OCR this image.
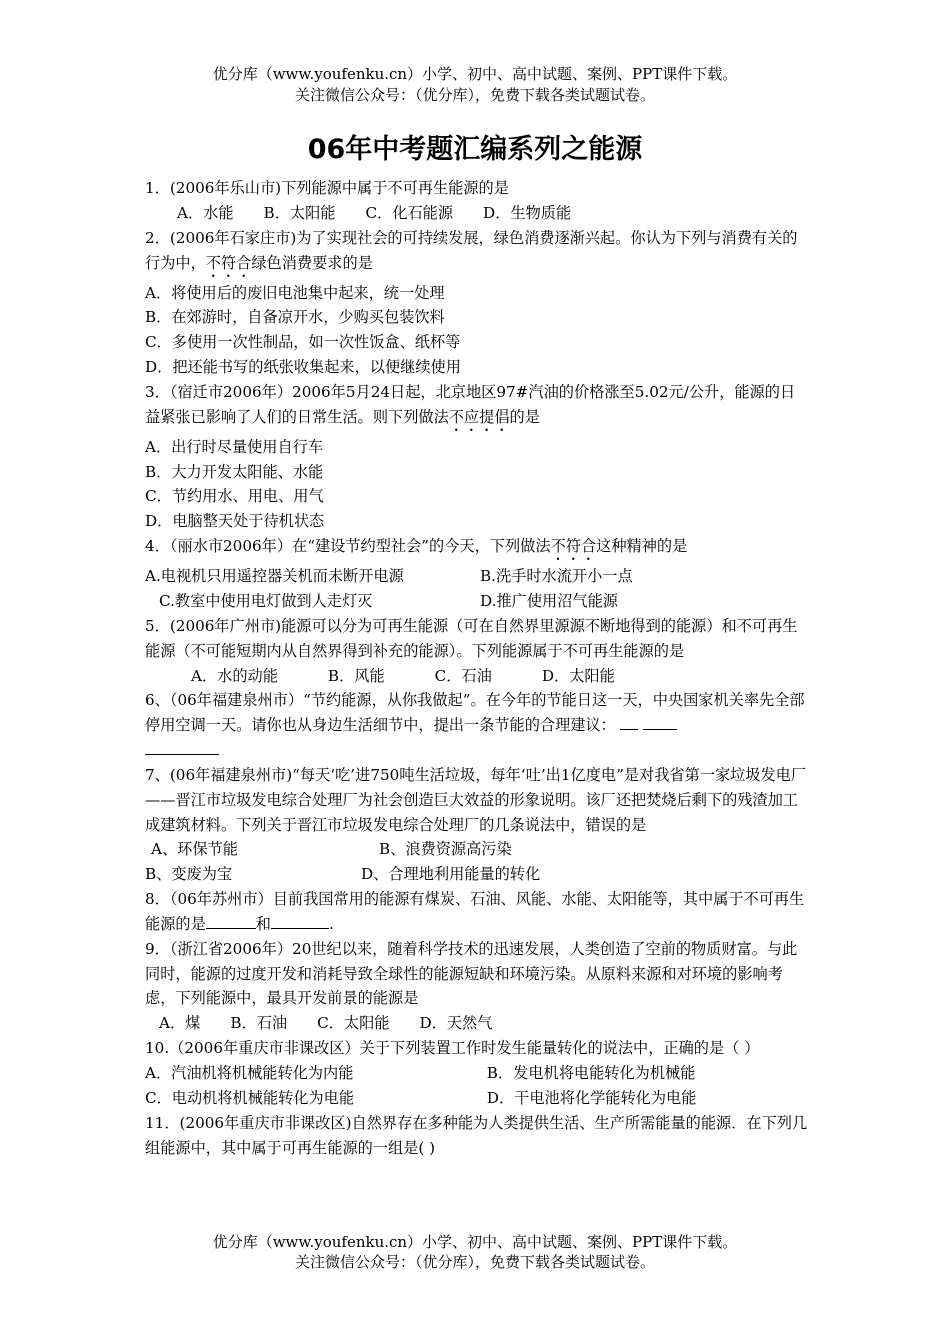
优分库（www.youfenku.cn）小学、初中、高中试题、案例、PPT课件下载。
关注微信公众号：（优分库），免费下载各类试题试卷。
06年中考题汇编系列之能源

1．(2006年乐山市)下列能源中属于不可再生能源的是

A．水能 B．太阳能 C．化石能源 D．生物质能

2．(2006年石家庄市)为了实现社会的可持续发展，绿色消费逐渐兴起。你认为下列与消费有关的行为中，不符合绿色消费要求的是

A．将使用后的废旧电池集中起来，统一处理

B．在郊游时，自备凉开水，少购买包装饮料

C．多使用一次性制品，如一次性饭盒、纸杯等

D．把还能书写的纸张收集起来，以便继续使用

3．（宿迁市2006年）2006年5月24日起，北京地区97#汽油的价格涨至5.02元/公升，能源的日益紧张已影响了人们的日常生活。则下列做法不应提倡的是

A．出行时尽量使用自行车

B．大力开发太阳能、水能

C．节约用水、用电、用气

D．电脑整天处于待机状态

4．（丽水市2006年）在“建设节约型社会”的今天，下列做法不符合这种精神的是

A.电视机只用遥控器关机而未断开电源	B.洗手时水流开小一点
C.教室中使用电灯做到人走灯灭	D.推广使用沼气能源

5．(2006年广州市)能源可以分为可再生能源（可在自然界里源源不断地得到的能源）和不可再生能源（不可能短期内从自然界得到补充的能源）。下列能源属于不可再生能源的是

A．水的动能	B．风能	C．石油	D．太阳能

6、（06年福建泉州市）“节约能源，从你我做起”。在今年的节能日这一天，中央国家机关率先全部停用空调一天。请你也从身边生活细节中，提出一条节能的合理建议：

7、(06年福建泉州市)“每天‘吃’进750吨生活垃圾，每年‘吐’出1亿度电”是对我省第一家垃圾发电厂——晋江市垃圾发电综合处理厂为社会创造巨大效益的形象说明。该厂还把焚烧后剩下的残渣加工成建筑材料。下列关于晋江市垃圾发电综合处理厂的几条说法中，错误的是

A、环保节能	B、浪费资源高污染
B、变废为宝	D、合理地利用能量的转化

8．（06年苏州市）目前我国常用的能源有煤炭、石油、风能、水能、太阳能等，其中属于不可再生能源的是	和	.

9．（浙江省2006年）20世纪以来，随着科学技术的迅速发展，人类创造了空前的物质财富。与此同时，能源的过度开发和消耗导致全球性的能源短缺和环境污染。从原料来源和对环境的影响考虑，下列能源中，最具开发前景的能源是

A．煤 B．石油 C．太阳能 D．天然气

10.（2006年重庆市非课改区）关于下列装置工作时发生能量转化的说法中，正确的是（ ）

A．汽油机将机械能转化为内能	B．发电机将电能转化为机械能
C．电动机将机械能转化为电能	D．干电池将化学能转化为电能

11．(2006年重庆市非课改区)自然界存在多种能为人类提供生活、生产所需能量的能源．在下列几组能源中，其中属于可再生能源的一组是( )

优分库（www.youfenku.cn）小学、初中、高中试题、案例、PPT课件下载。
关注微信公众号：（优分库），免费下载各类试题试卷。
